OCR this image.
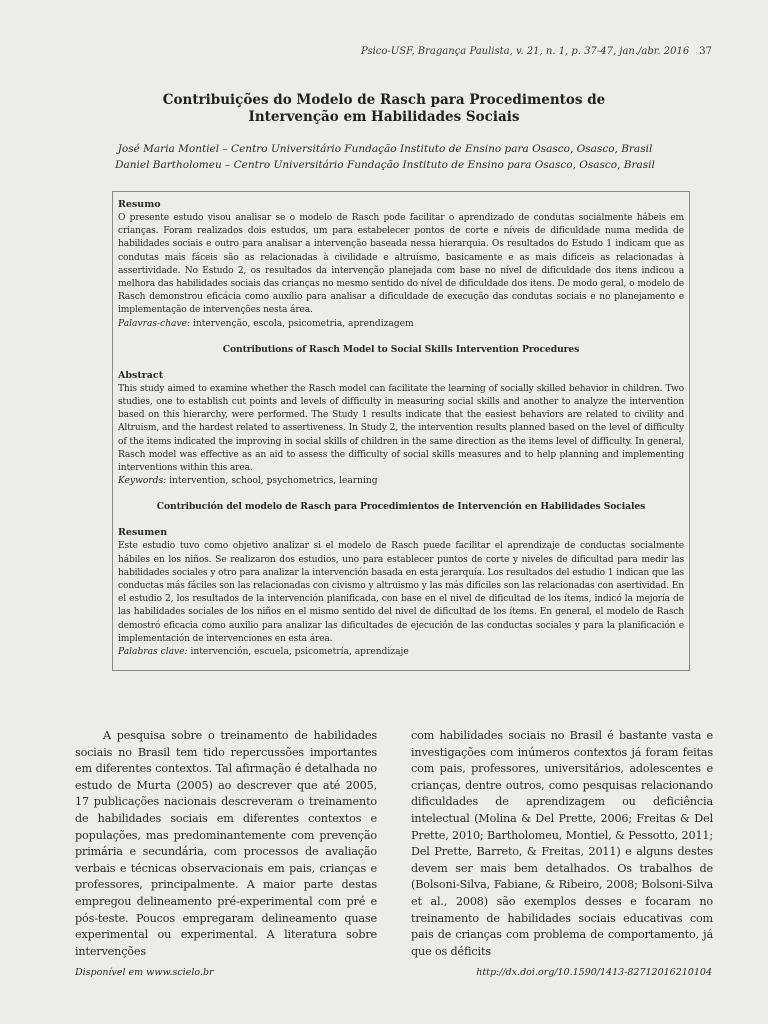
Psico-USF, Bragança Paulista, v. 21, n. 1, p. 37-47, jan./abr. 2016 37
Contribuições do Modelo de Rasch para Procedimentos de
Intervenção em Habilidades Sociais
José Maria Montiel – Centro Universitário Fundação Instituto de Ensino para Osasco, Osasco, Brasil
Daniel Bartholomeu – Centro Universitário Fundação Instituto de Ensino para Osasco, Osasco, Brasil
Resumo

O presente estudo visou analisar se o modelo de Rasch pode facilitar o aprendizado de condutas socialmente hábeis em crianças. Foram realizados dois estudos, um para estabelecer pontos de corte e níveis de dificuldade numa medida de habilidades sociais e outro para analisar a intervenção baseada nessa hierarquia. Os resultados do Estudo 1 indicam que as condutas mais fáceis são as relacionadas à civilidade e altruísmo, basicamente e as mais difíceis as relacionadas à assertividade. No Estudo 2, os resultados da intervenção planejada com base no nível de dificuldade dos itens indicou a melhora das habilidades sociais das crianças no mesmo sentido do nível de dificuldade dos itens. De modo geral, o modelo de Rasch demonstrou eficácia como auxílio para analisar a dificuldade de execução das condutas sociais e no planejamento e implementação de intervenções nesta área.

Palavras-chave: intervenção, escola, psicometria, aprendizagem

Contributions of Rasch Model to Social Skills Intervention Procedures
Abstract

This study aimed to examine whether the Rasch model can facilitate the learning of socially skilled behavior in children. Two studies, one to establish cut points and levels of difficulty in measuring social skills and another to analyze the intervention based on this hierarchy, were performed. The Study 1 results indicate that the easiest behaviors are related to civility and Altruism, and the hardest related to assertiveness. In Study 2, the intervention results planned based on the level of difficulty of the items indicated the improving in social skills of children in the same direction as the items level of difficulty. In general, Rasch model was effective as an aid to assess the difficulty of social skills measures and to help planning and implementing interventions within this area.

Keywords: intervention, school, psychometrics, learning

Contribución del modelo de Rasch para Procedimientos de Intervención en Habilidades Sociales
Resumen

Este estudio tuvo como objetivo analizar si el modelo de Rasch puede facilitar el aprendizaje de conductas socialmente hábiles en los niños. Se realizaron dos estudios, uno para establecer puntos de corte y niveles de dificultad para medir las habilidades sociales y otro para analizar la intervención basada en esta jerarquía. Los resultados del estudio 1 indican que las conductas más fáciles son las relacionadas con civismo y altruismo y las más difíciles son las relacionadas con asertividad. En el estudio 2, los resultados de la intervención planificada, con base en el nivel de dificultad de los ítems, indicó la mejoría de las habilidades sociales de los niños en el mismo sentido del nivel de dificultad de los ítems. En general, el modelo de Rasch demostró eficacia como auxilio para analizar las dificultades de ejecución de las conductas sociales y para la planificación e implementación de intervenciones en esta área.

Palabras clave: intervención, escuela, psicometría, aprendizaje

A pesquisa sobre o treinamento de habilidades sociais no Brasil tem tido repercussões importantes em diferentes contextos. Tal afirmação é detalhada no estudo de Murta (2005) ao descrever que até 2005, 17 publicações nacionais descreveram o treinamento de habilidades sociais em diferentes contextos e populações, mas predominantemente com prevenção primária e secundária, com processos de avaliação verbais e técnicas observacionais em pais, crianças e professores, principalmente. A maior parte destas empregou delineamento pré-experimental com pré e pós-teste. Poucos empregaram delineamento quase experimental ou experimental. A literatura sobre intervenções

com habilidades sociais no Brasil é bastante vasta e investigações com inúmeros contextos já foram feitas com pais, professores, universitários, adolescentes e crianças, dentre outros, como pesquisas relacionando dificuldades de aprendizagem ou deficiência intelectual (Molina & Del Prette, 2006; Freitas & Del Prette, 2010; Bartholomeu, Montiel, & Pessotto, 2011; Del Prette, Barreto, & Freitas, 2011) e alguns destes devem ser mais bem detalhados. Os trabalhos de (Bolsoni-Silva, Fabiane, & Ribeiro, 2008; Bolsoni-Silva et al., 2008) são exemplos desses e focaram no treinamento de habilidades sociais educativas com pais de crianças com problema de comportamento, já que os déficits

Disponível em www.scielo.br	http://dx.doi.org/10.1590/1413-82712016210104
